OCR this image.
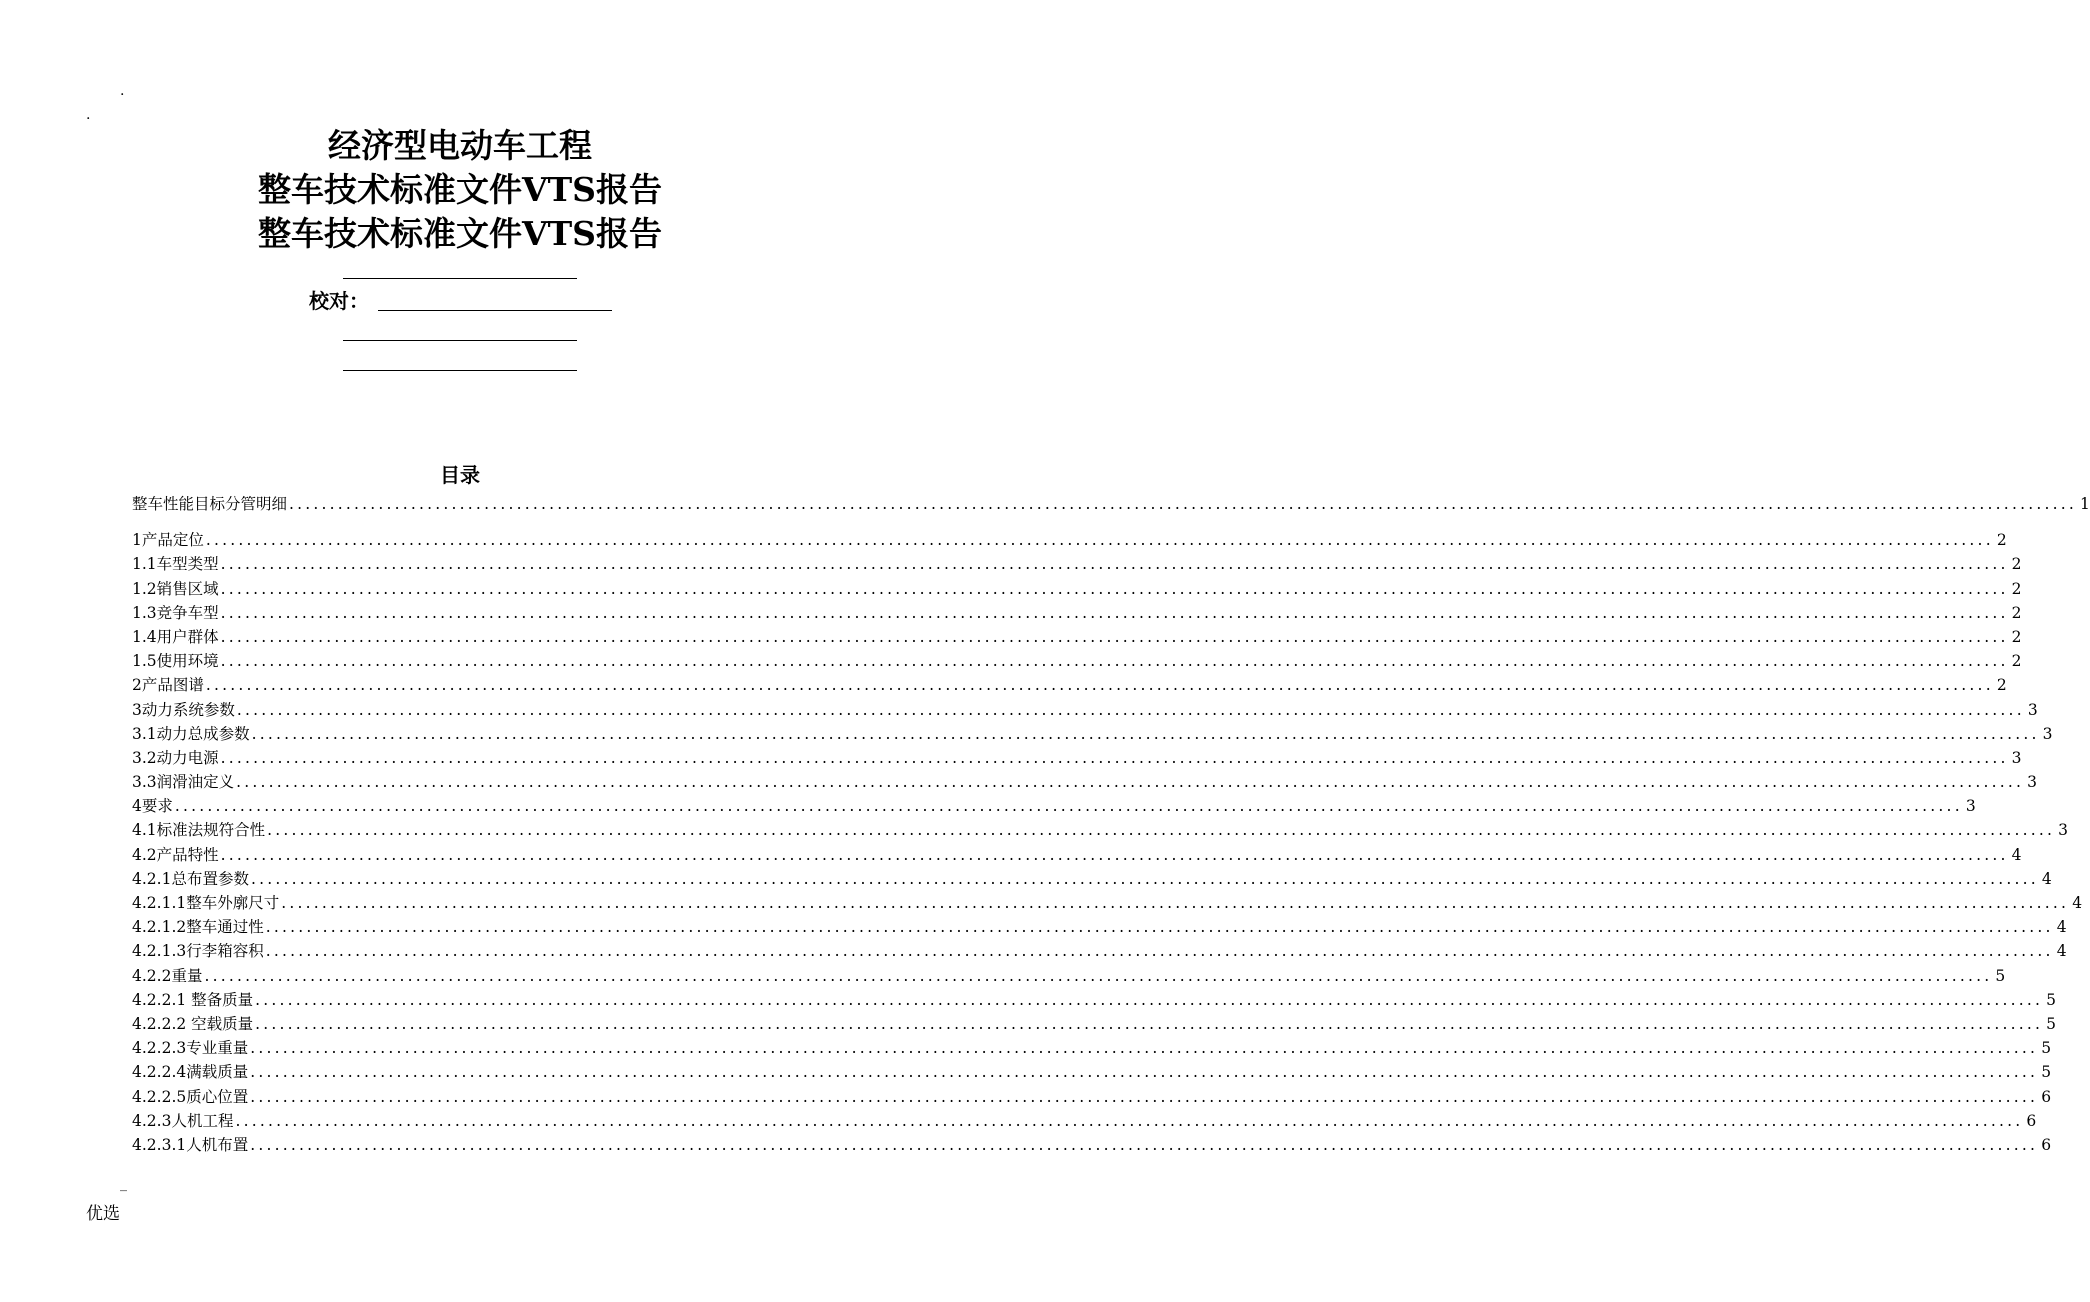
.
.
经济型电动车工程
整车技术标准文件VTS报告
整车技术标准文件VTS报告
校对：
目录
整车性能目标分管明细 ............................................................................................................................................................................................................................ 1
1产品定位 ............................................................................................................................................................................................................................ 2
1.1车型类型 ............................................................................................................................................................................................................................ 2
1.2销售区域 ............................................................................................................................................................................................................................ 2
1.3竞争车型 ............................................................................................................................................................................................................................ 2
1.4用户群体 ............................................................................................................................................................................................................................ 2
1.5使用环境 ............................................................................................................................................................................................................................ 2
2产品图谱 ............................................................................................................................................................................................................................ 2
3动力系统参数 ............................................................................................................................................................................................................................ 3
3.1动力总成参数 ............................................................................................................................................................................................................................ 3
3.2动力电源 ............................................................................................................................................................................................................................ 3
3.3润滑油定义 ............................................................................................................................................................................................................................ 3
4要求 ............................................................................................................................................................................................................................ 3
4.1标准法规符合性 ............................................................................................................................................................................................................................ 3
4.2产品特性 ............................................................................................................................................................................................................................ 4
4.2.1总布置参数 ............................................................................................................................................................................................................................ 4
4.2.1.1整车外廓尺寸 ............................................................................................................................................................................................................................ 4
4.2.1.2整车通过性 ............................................................................................................................................................................................................................ 4
4.2.1.3行李箱容积 ............................................................................................................................................................................................................................ 4
4.2.2重量 ............................................................................................................................................................................................................................ 5
4.2.2.1 整备质量 ............................................................................................................................................................................................................................ 5
4.2.2.2 空载质量 ............................................................................................................................................................................................................................ 5
4.2.2.3专业重量 ............................................................................................................................................................................................................................ 5
4.2.2.4满载质量 ............................................................................................................................................................................................................................ 5
4.2.2.5质心位置 ............................................................................................................................................................................................................................ 6
4.2.3人机工程 ............................................................................................................................................................................................................................ 6
4.2.3.1人机布置 ............................................................................................................................................................................................................................ 6
_
优选
